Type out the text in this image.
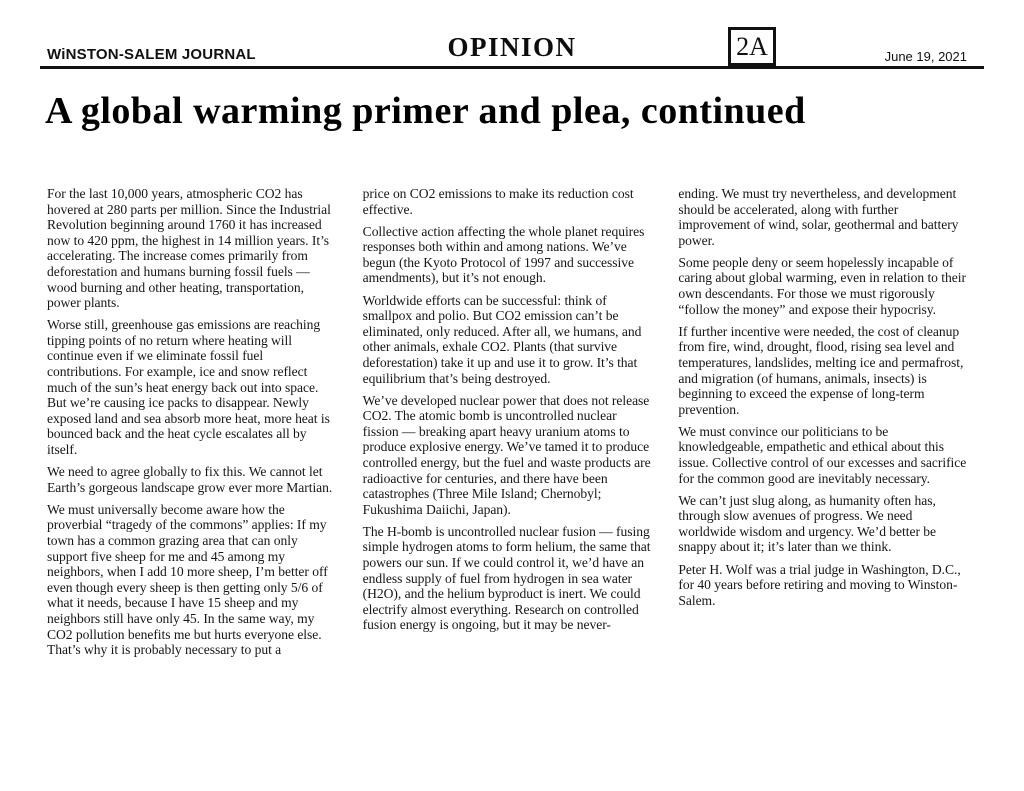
WiNSTON-SALEM JOURNAL	OPINION	2A	June 19, 2021
A global warming primer and plea, continued

For the last 10,000 years, atmospheric CO2 has hovered at 280 parts per million. Since the Industrial Revolution beginning around 1760 it has increased now to 420 ppm, the highest in 14 million years. It’s accelerating. The increase comes primarily from deforestation and humans burning fossil fuels — wood burning and other heating, transportation, power plants.

Worse still, greenhouse gas emissions are reaching tipping points of no return where heating will continue even if we eliminate fossil fuel contributions. For example, ice and snow reflect much of the sun’s heat energy back out into space. But we’re causing ice packs to disappear. Newly exposed land and sea absorb more heat, more heat is bounced back and the heat cycle escalates all by itself.

We need to agree globally to fix this. We cannot let Earth’s gorgeous landscape grow ever more Martian.

We must universally become aware how the proverbial “tragedy of the commons” applies: If my town has a common grazing area that can only support five sheep for me and 45 among my neighbors, when I add 10 more sheep, I’m better off even though every sheep is then getting only 5/6 of what it needs, because I have 15 sheep and my neighbors still have only 45. In the same way, my CO2 pollution benefits me but hurts everyone else. That’s why it is probably necessary to put a

price on CO2 emissions to make its reduction cost effective.

Collective action affecting the whole planet requires responses both within and among nations. We’ve begun (the Kyoto Protocol of 1997 and successive amendments), but it’s not enough.

Worldwide efforts can be successful: think of smallpox and polio. But CO2 emission can’t be eliminated, only reduced. After all, we humans, and other animals, exhale CO2. Plants (that survive deforestation) take it up and use it to grow. It’s that equilibrium that’s being destroyed.

We’ve developed nuclear power that does not release CO2. The atomic bomb is uncontrolled nuclear fission — breaking apart heavy uranium atoms to produce explosive energy. We’ve tamed it to produce controlled energy, but the fuel and waste products are radioactive for centuries, and there have been catastrophes (Three Mile Island; Chernobyl; Fukushima Daiichi, Japan).

The H-bomb is uncontrolled nuclear fusion — fusing simple hydrogen atoms to form helium, the same that powers our sun. If we could control it, we’d have an endless supply of fuel from hydrogen in sea water (H2O), and the helium byproduct is inert. We could electrify almost everything. Research on controlled fusion energy is ongoing, but it may be never-

ending. We must try nevertheless, and development should be accelerated, along with further improvement of wind, solar, geothermal and battery power.

Some people deny or seem hopelessly incapable of caring about global warming, even in relation to their own descendants. For those we must rigorously “follow the money” and expose their hypocrisy.

If further incentive were needed, the cost of cleanup from fire, wind, drought, flood, rising sea level and temperatures, landslides, melting ice and permafrost, and migration (of humans, animals, insects) is beginning to exceed the expense of long-term prevention.

We must convince our politicians to be knowledgeable, empathetic and ethical about this issue. Collective control of our excesses and sacrifice for the common good are inevitably necessary.

We can’t just slug along, as humanity often has, through slow avenues of progress. We need worldwide wisdom and urgency. We’d better be snappy about it; it’s later than we think.

Peter H. Wolf was a trial judge in Washington, D.C., for 40 years before retiring and moving to Winston-Salem.
